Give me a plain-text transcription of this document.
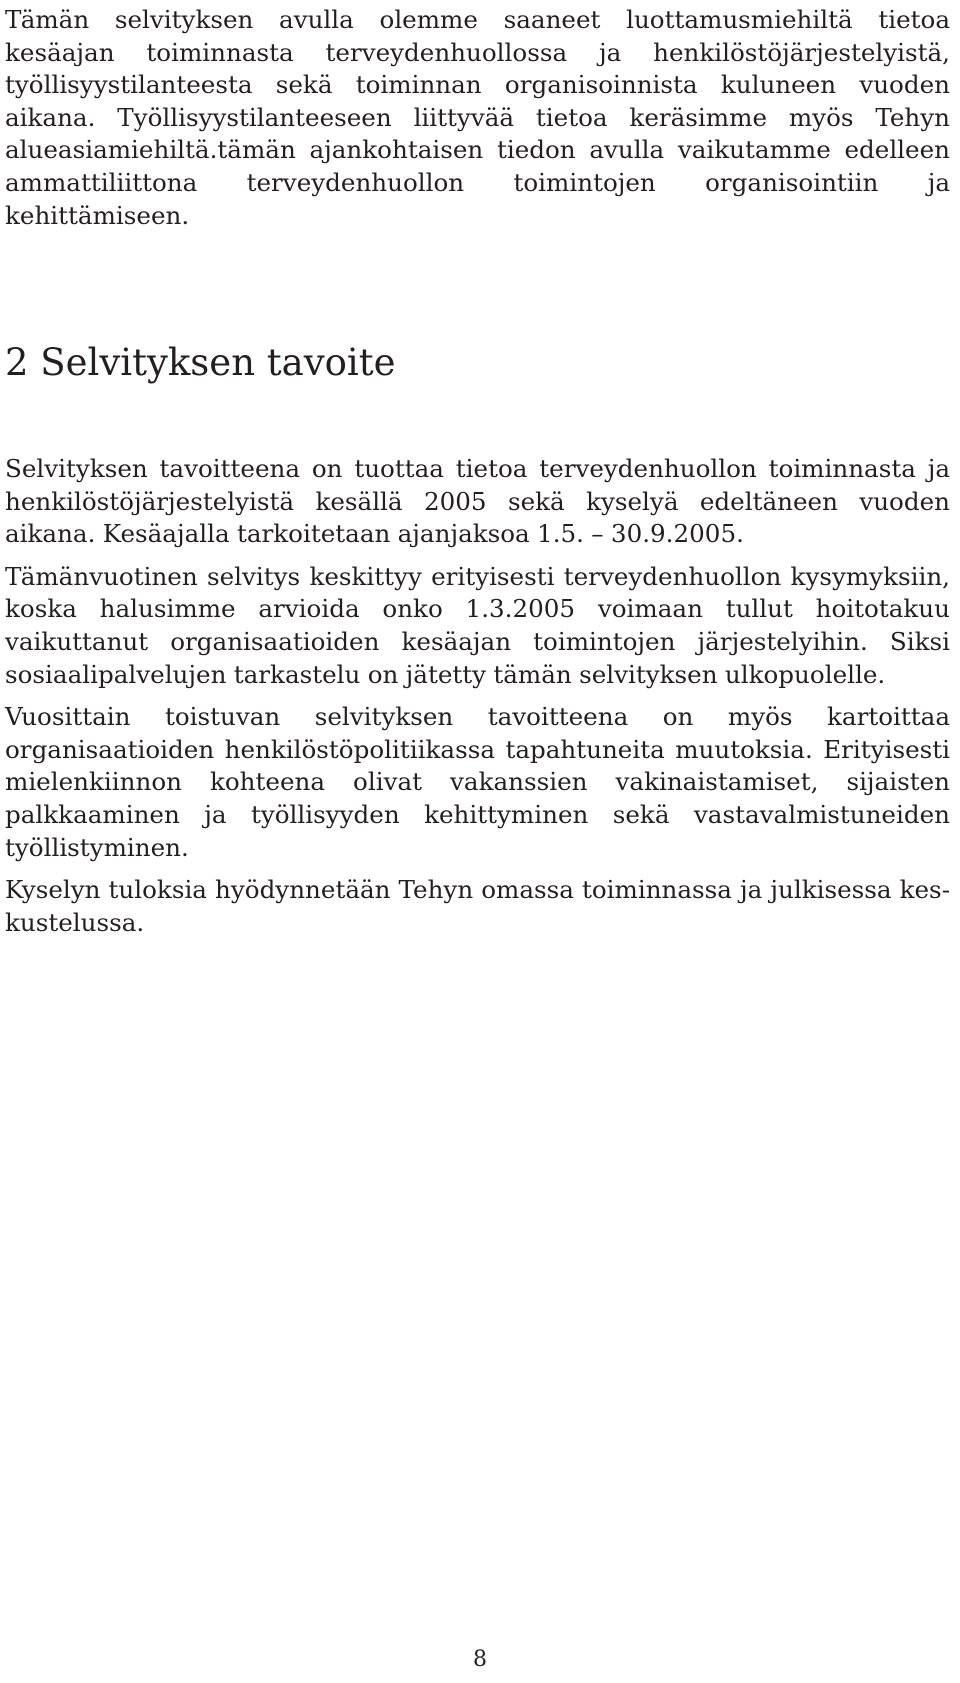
Tämän selvityksen avulla olemme saaneet luottamusmiehiltä tietoa kesäajan toiminnasta terveydenhuollossa ja henkilöstöjärjestelyistä, työllisyystilanteesta sekä toiminnan organisoinnista kuluneen vuoden aikana. Työllisyystilanteeseen liittyvää tietoa keräsimme myös Tehyn alueasiamiehiltä.tämän ajankohtaisen tiedon avulla vaikutamme edelleen ammattiliittona terveydenhuollon toimintojen organisointiin ja kehittämiseen.

2 Selvityksen tavoite

Selvityksen tavoitteena on tuottaa tietoa terveydenhuollon toiminnasta ja henkilöstöjärjestelyistä kesällä 2005 sekä kyselyä edeltäneen vuoden aikana. Kesäajalla tarkoitetaan ajanjaksoa 1.5. – 30.9.2005.

Tämänvuotinen selvitys keskittyy erityisesti terveydenhuollon kysymyksiin, koska halusimme arvioida onko 1.3.2005 voimaan tullut hoitotakuu vaikuttanut organisaatioiden kesäajan toimintojen järjestelyihin. Siksi sosiaalipalvelujen tarkastelu on jätetty tämän selvityksen ulkopuolelle.

Vuosittain toistuvan selvityksen tavoitteena on myös kartoittaa organisaatioiden henkilöstöpolitiikassa tapahtuneita muutoksia. Erityisesti mielenkiinnon kohteena olivat vakanssien vakinaistamiset, sijaisten palkkaaminen ja työllisyyden kehittyminen sekä vastavalmistuneiden työllistyminen.

Kyselyn tuloksia hyödynnetään Tehyn omassa toiminnassa ja julkisessa keskustelussa.

8
